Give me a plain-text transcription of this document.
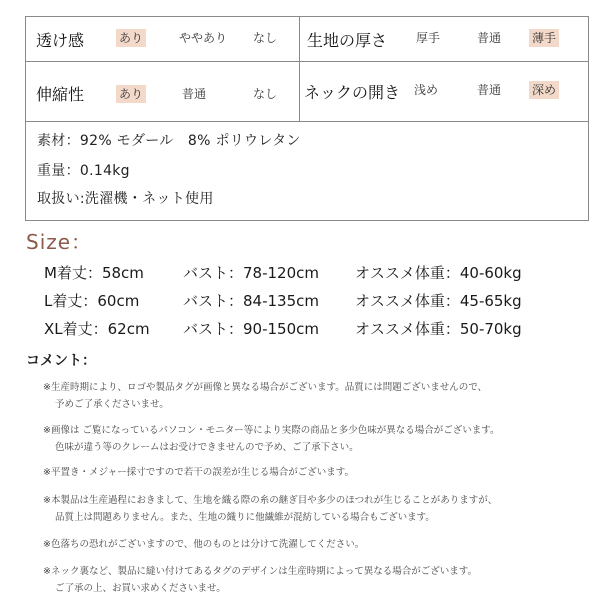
透け感	あり	ややあり なし 生地の厚さ 厚手	普通	薄手
伸縮性	あり	普通	なし ネックの開き 浅め	普通	深め
素材：92% モダール　8% ポリウレタン
重量：0.14kg
取扱い:洗濯機・ネット使用
Size：
M着丈：58cm	バスト：78-120cm オススメ体重：40-60kg
L着丈：60cm	バスト：84-135cm オススメ体重：45-65kg
XL着丈：62cm バスト：90-150cm オススメ体重：50-70kg
コメント：
※生産時期により、ロゴや製品タグが画像と異なる場合がございます。品質には問題ございませんので、
予めご了承くださいませ。
※画像は ご覧になっているパソコン・モニター等により実際の商品と多少色味が異なる場合がございます。
色味が違う等のクレームはお受けできませんので予め、ご了承下さい。
※平置き・メジャー採寸ですので若干の誤差が生じる場合がございます。
※本製品は生産過程におきまして、生地を織る際の糸の継ぎ目や多少のほつれが生じることがありますが、
品質上は問題ありません。また、生地の織りに他繊維が混紡している場合もございます。
※色落ちの恐れがございますので、他のものとは分けて洗濯してください。
※ネック裏など、製品に縫い付けてあるタグのデザインは生産時期によって異なる場合がございます。
ご了承の上、お買い求めくださいませ。
